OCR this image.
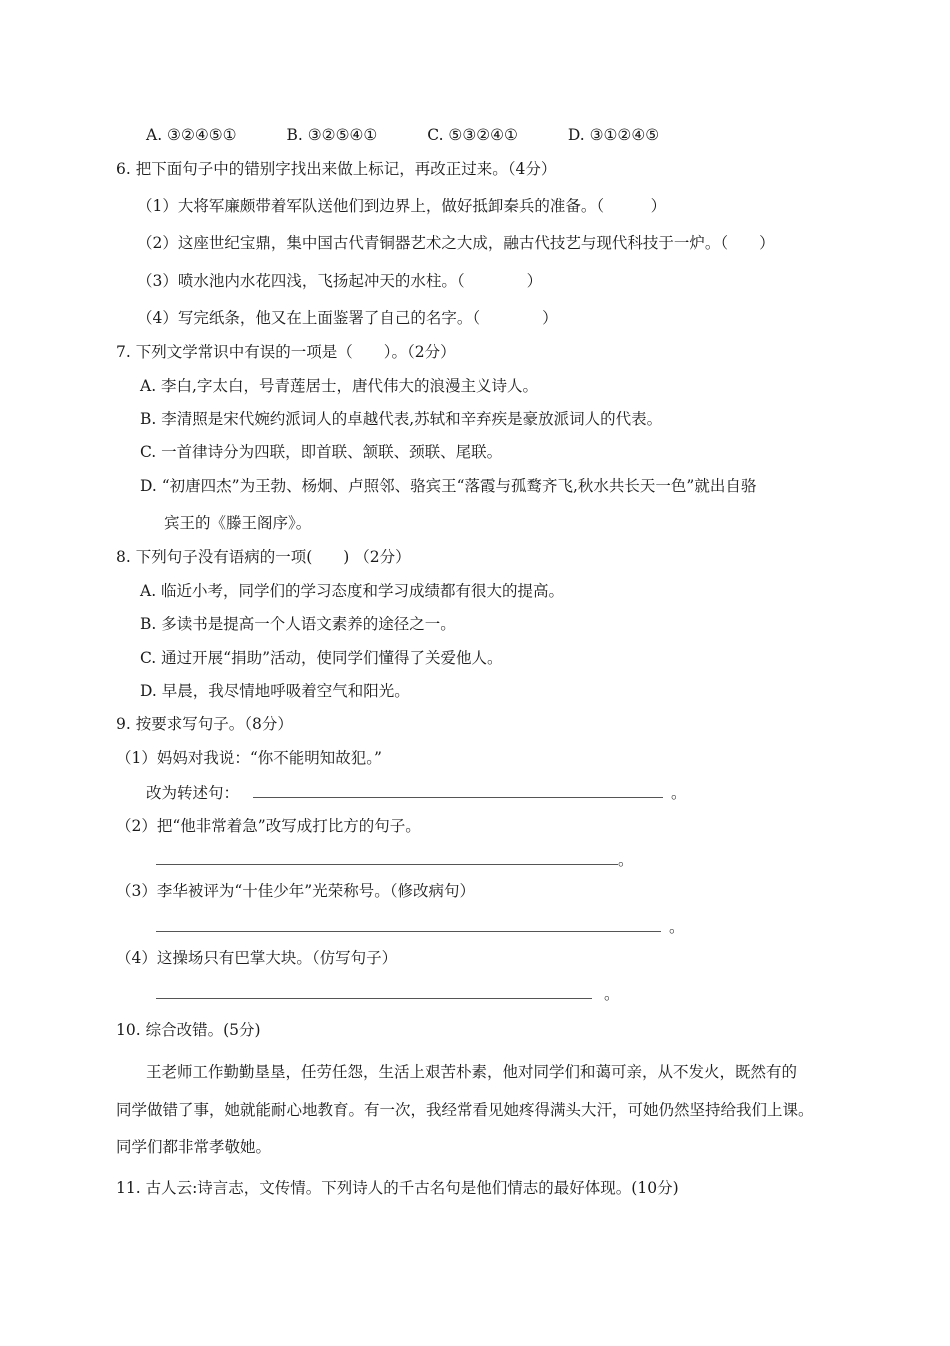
A. ③②④⑤①	B. ③②⑤④①	C. ⑤③②④①	D. ③①②④⑤
6. 把下面句子中的错别字找出来做上标记，再改正过来。（4分）
（1）大将军廉颇带着军队送他们到边界上，做好抵卸秦兵的准备。（　　　）
（2）这座世纪宝鼎，集中国古代青铜器艺术之大成，融古代技艺与现代科技于一炉。（　　）
（3）喷水池内水花四浅，飞扬起冲天的水柱。（　　　　）
（4）写完纸条，他又在上面鉴署了自己的名字。（　　　　）
7. 下列文学常识中有误的一项是（　　）。（2分）
A. 李白,字太白，号青莲居士，唐代伟大的浪漫主义诗人。
B. 李清照是宋代婉约派词人的卓越代表,苏轼和辛弃疾是豪放派词人的代表。
C. 一首律诗分为四联，即首联、颔联、颈联、尾联。
D. “初唐四杰”为王勃、杨炯、卢照邻、骆宾王“落霞与孤鹜齐飞,秋水共长天一色”就出自骆
宾王的《滕王阁序》。
8. 下列句子没有语病的一项(　　) （2分）
A. 临近小考，同学们的学习态度和学习成绩都有很大的提高。
B. 多读书是提高一个人语文素养的途径之一。
C. 通过开展“捐助”活动，使同学们懂得了关爱他人。
D. 早晨，我尽情地呼吸着空气和阳光。
9. 按要求写句子。（8分）
（1）妈妈对我说：“你不能明知故犯。”
改为转述句：	。
（2）把“他非常着急”改写成打比方的句子。
。
（3）李华被评为“十佳少年”光荣称号。（修改病句）
。
（4）这操场只有巴掌大块。（仿写句子）
。
10. 综合改错。(5分)
王老师工作勤勤垦垦，任劳任怨，生活上艰苦朴素，他对同学们和蔼可亲，从不发火，既然有的
同学做错了事，她就能耐心地教育。有一次，我经常看见她疼得满头大汗，可她仍然坚持给我们上课。
同学们都非常孝敬她。
11. 古人云:诗言志，文传情。下列诗人的千古名句是他们情志的最好体现。(10分)
